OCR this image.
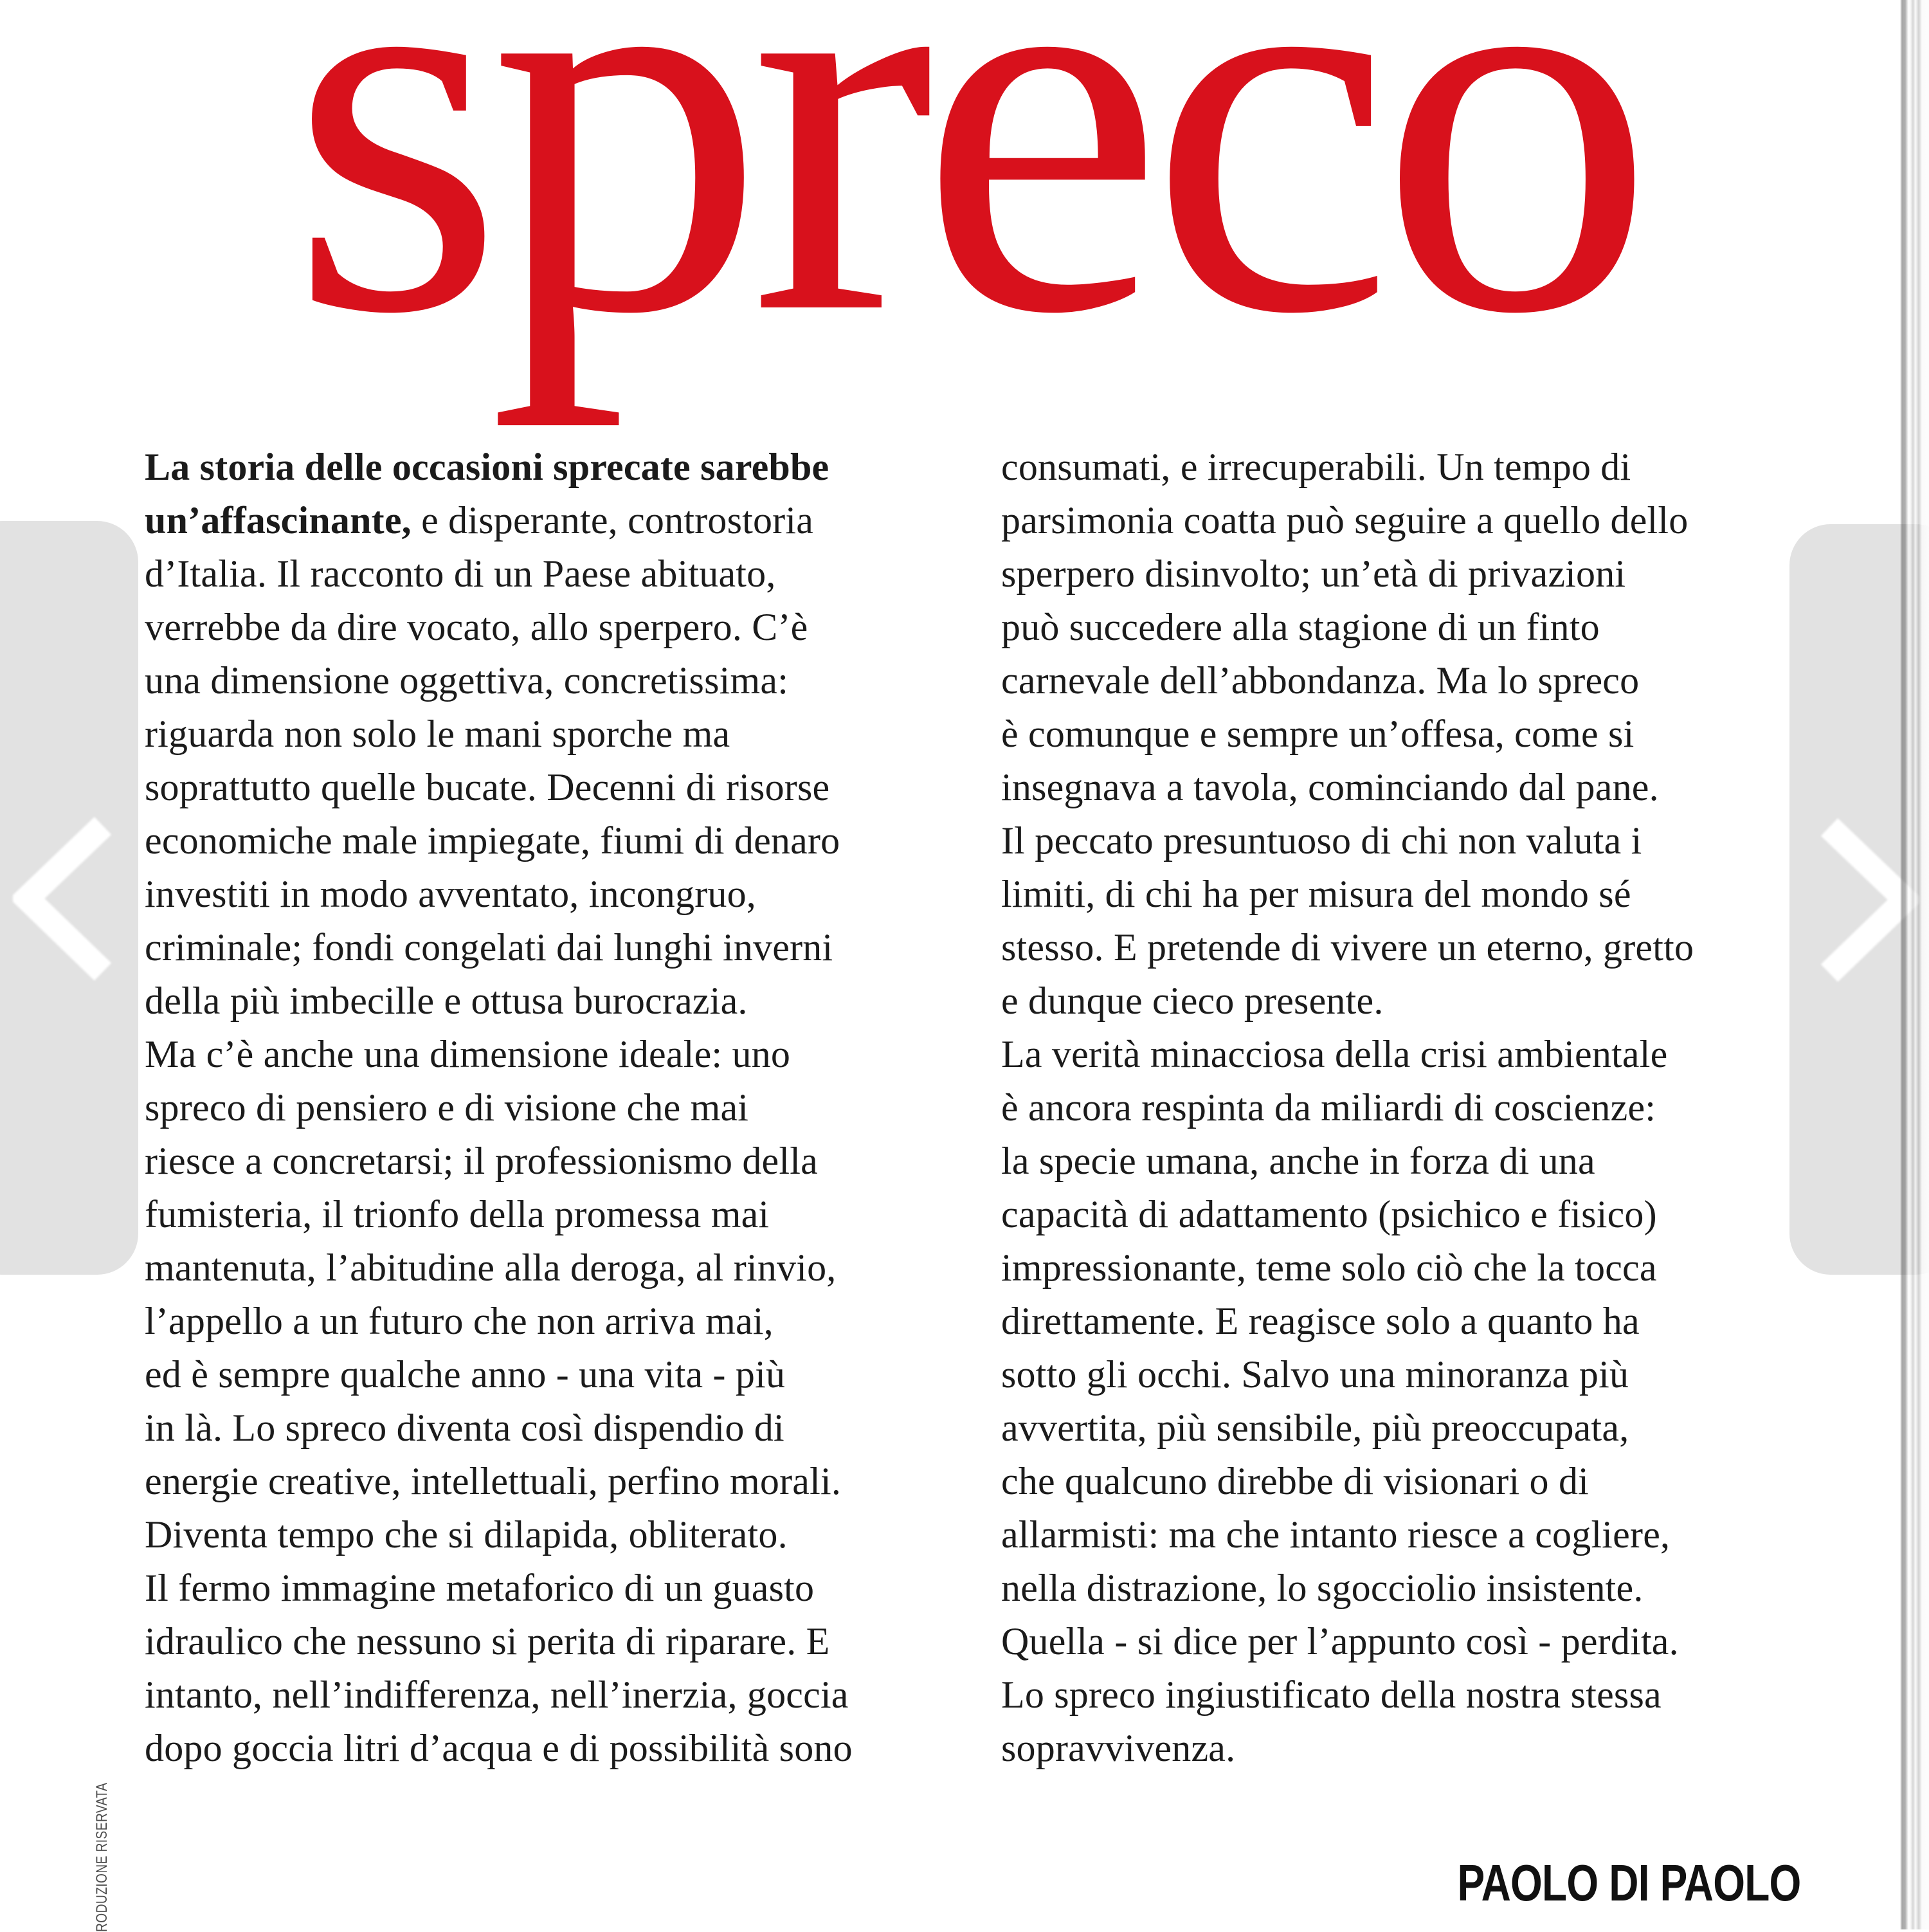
spreco
La storia delle occasioni sprecate sarebbe
un’affascinante, e disperante, controstoria
d’Italia. Il racconto di un Paese abituato,
verrebbe da dire vocato, allo sperpero. C’è
una dimensione oggettiva, concretissima:
riguarda non solo le mani sporche ma
soprattutto quelle bucate. Decenni di risorse
economiche male impiegate, fiumi di denaro
investiti in modo avventato, incongruo,
criminale; fondi congelati dai lunghi inverni
della più imbecille e ottusa burocrazia.
Ma c’è anche una dimensione ideale: uno
spreco di pensiero e di visione che mai
riesce a concretarsi; il professionismo della
fumisteria, il trionfo della promessa mai
mantenuta, l’abitudine alla deroga, al rinvio,
l’appello a un futuro che non arriva mai,
ed è sempre qualche anno - una vita - più
in là. Lo spreco diventa così dispendio di
energie creative, intellettuali, perfino morali.
Diventa tempo che si dilapida, obliterato.
Il fermo immagine metaforico di un guasto
idraulico che nessuno si perita di riparare. E
intanto, nell’indifferenza, nell’inerzia, goccia
dopo goccia litri d’acqua e di possibilità sono
consumati, e irrecuperabili. Un tempo di
parsimonia coatta può seguire a quello dello
sperpero disinvolto; un’età di privazioni
può succedere alla stagione di un finto
carnevale dell’abbondanza. Ma lo spreco
è comunque e sempre un’offesa, come si
insegnava a tavola, cominciando dal pane.
Il peccato presuntuoso di chi non valuta i
limiti, di chi ha per misura del mondo sé
stesso. E pretende di vivere un eterno, gretto
e dunque cieco presente.
La verità minacciosa della crisi ambientale
è ancora respinta da miliardi di coscienze:
la specie umana, anche in forza di una
capacità di adattamento (psichico e fisico)
impressionante, teme solo ciò che la tocca
direttamente. E reagisce solo a quanto ha
sotto gli occhi. Salvo una minoranza più
avvertita, più sensibile, più preoccupata,
che qualcuno direbbe di visionari o di
allarmisti: ma che intanto riesce a cogliere,
nella distrazione, lo sgocciolio insistente.
Quella - si dice per l’appunto così - perdita.
Lo spreco ingiustificato della nostra stessa
sopravvivenza.
PAOLO DI PAOLO
RODUZIONE RISERVATA
